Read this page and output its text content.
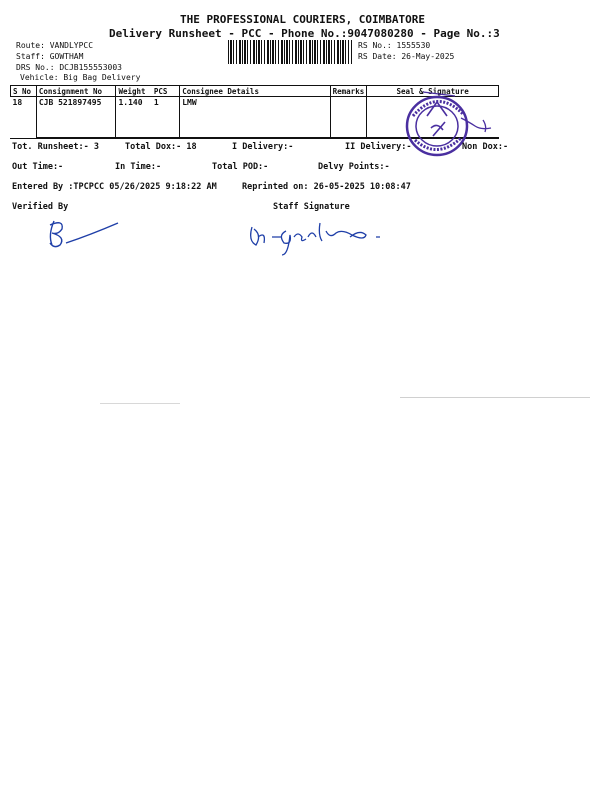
THE PROFESSIONAL COURIERS, COIMBATORE
Delivery Runsheet - PCC - Phone No.:9047080280 - Page No.:3
Route: VANDLYPCC
Staff: GOWTHAM
DRS No.: DCJB155553003
Vehicle: Big Bag Delivery
RS No.: 1555530
RS Date: 26-May-2025
S No	Consignment No	Weight	PCS	Consignee Details	Remarks	Seal & Signature
18	CJB 521897495	1.140	1	LMW		
Tot. Runsheet:- 3	Total Dox:- 18	I Delivery:-	II Delivery:-	Non Dox:-
Out Time:-	In Time:-	Total POD:-	Delvy Points:-
Entered By :TPCPCC 05/26/2025 9:18:22 AM	Reprinted on: 26-05-2025 10:08:47
Verified By	Staff Signature
